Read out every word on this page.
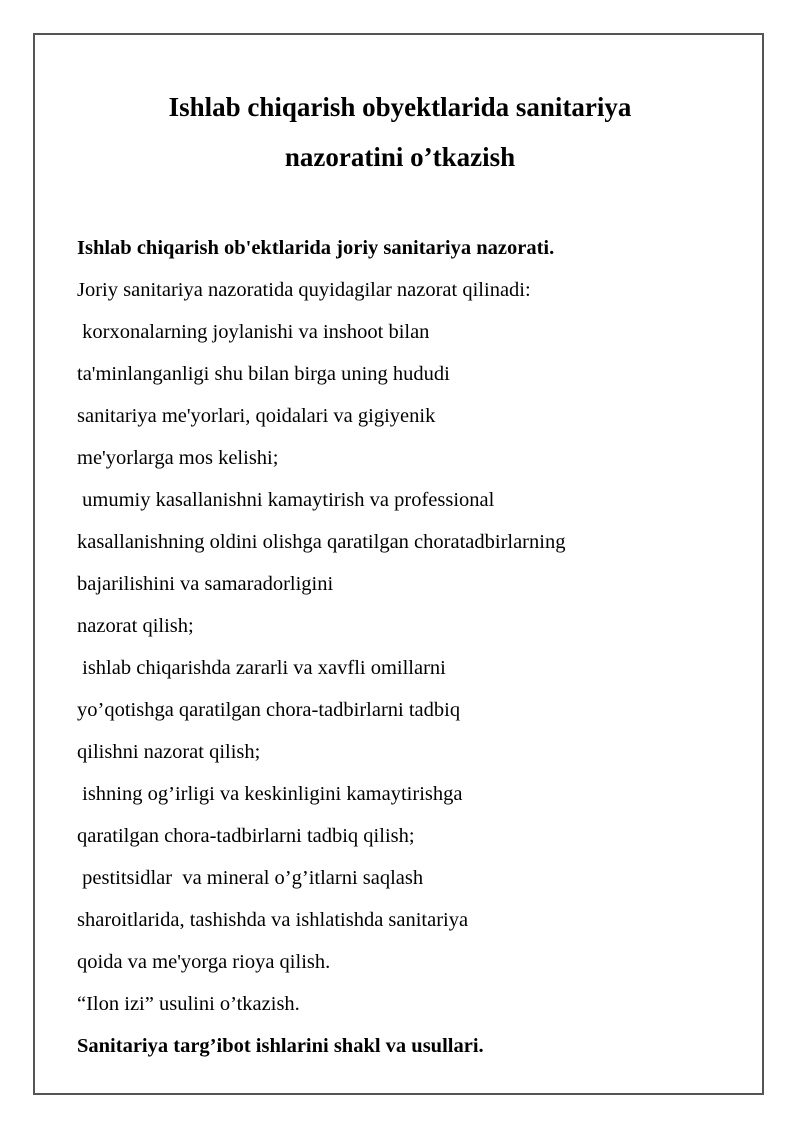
Ishlab chiqarish obyektlarida sanitariya
nazoratini o’tkazish
Ishlab chiqarish ob'ektlarida joriy sanitariya nazorati.
Joriy sanitariya nazoratida quyidagilar nazorat qilinadi:
korxonalarning joylanishi va inshoot bilan
ta'minlanganligi shu bilan birga uning hududi
sanitariya me'yorlari, qoidalari va gigiyenik
me'yorlarga mos kelishi;
umumiy kasallanishni kamaytirish va professional
kasallanishning oldini olishga qaratilgan choratadbirlarning
bajarilishini va samaradorligini
nazorat qilish;
ishlab chiqarishda zararli va xavfli omillarni
yo’qotishga qaratilgan chora-tadbirlarni tadbiq
qilishni nazorat qilish;
ishning og’irligi va keskinligini kamaytirishga
qaratilgan chora-tadbirlarni tadbiq qilish;
pestitsidlar  va mineral o’g’itlarni saqlash
sharoitlarida, tashishda va ishlatishda sanitariya
qoida va me'yorga rioya qilish.
“Ilon izi” usulini o’tkazish.
Sanitariya targ’ibot ishlarini shakl va usullari.
